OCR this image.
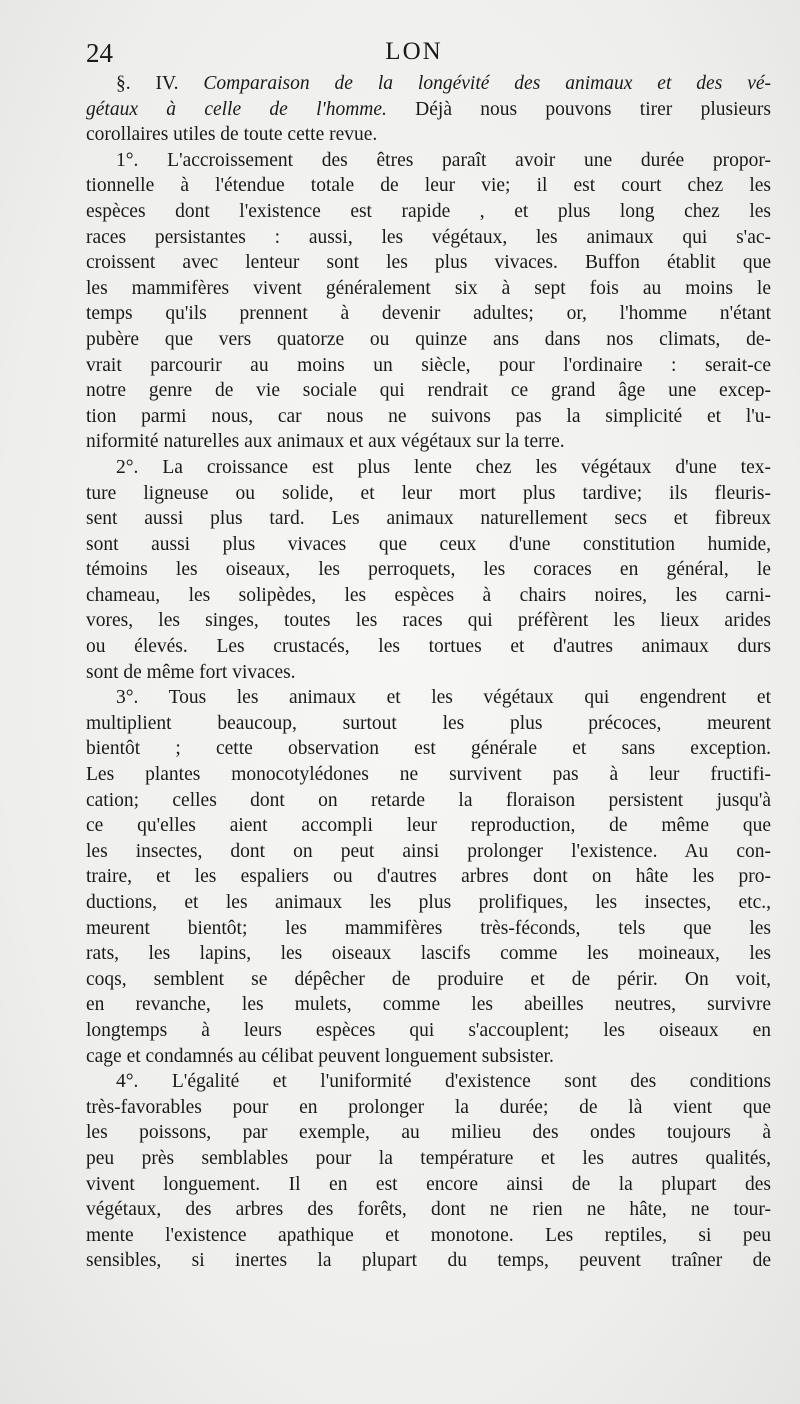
24	LON
§. IV. Comparaison de la longévité des animaux et des vé-
gétaux à celle de l'homme. Déjà nous pouvons tirer plusieurs
corollaires utiles de toute cette revue.
1°. L'accroissement des êtres paraît avoir une durée propor-
tionnelle à l'étendue totale de leur vie; il est court chez les
espèces dont l'existence est rapide , et plus long chez les
races persistantes : aussi, les végétaux, les animaux qui s'ac-
croissent avec lenteur sont les plus vivaces. Buffon établit que
les mammifères vivent généralement six à sept fois au moins le
temps qu'ils prennent à devenir adultes; or, l'homme n'étant
pubère que vers quatorze ou quinze ans dans nos climats, de-
vrait parcourir au moins un siècle, pour l'ordinaire : serait-ce
notre genre de vie sociale qui rendrait ce grand âge une excep-
tion parmi nous, car nous ne suivons pas la simplicité et l'u-
niformité naturelles aux animaux et aux végétaux sur la terre.
2°. La croissance est plus lente chez les végétaux d'une tex-
ture ligneuse ou solide, et leur mort plus tardive; ils fleuris-
sent aussi plus tard. Les animaux naturellement secs et fibreux
sont aussi plus vivaces que ceux d'une constitution humide,
témoins les oiseaux, les perroquets, les coraces en général, le
chameau, les solipèdes, les espèces à chairs noires, les carni-
vores, les singes, toutes les races qui préfèrent les lieux arides
ou élevés. Les crustacés, les tortues et d'autres animaux durs
sont de même fort vivaces.
3°. Tous les animaux et les végétaux qui engendrent et
multiplient beaucoup, surtout les plus précoces, meurent
bientôt ; cette observation est générale et sans exception.
Les plantes monocotylédones ne survivent pas à leur fructifi-
cation; celles dont on retarde la floraison persistent jusqu'à
ce qu'elles aient accompli leur reproduction, de même que
les insectes, dont on peut ainsi prolonger l'existence. Au con-
traire, et les espaliers ou d'autres arbres dont on hâte les pro-
ductions, et les animaux les plus prolifiques, les insectes, etc.,
meurent bientôt; les mammifères très-féconds, tels que les
rats, les lapins, les oiseaux lascifs comme les moineaux, les
coqs, semblent se dépêcher de produire et de périr. On voit,
en revanche, les mulets, comme les abeilles neutres, survivre
longtemps à leurs espèces qui s'accouplent; les oiseaux en
cage et condamnés au célibat peuvent longuement subsister.
4°. L'égalité et l'uniformité d'existence sont des conditions
très-favorables pour en prolonger la durée; de là vient que
les poissons, par exemple, au milieu des ondes toujours à
peu près semblables pour la température et les autres qualités,
vivent longuement. Il en est encore ainsi de la plupart des
végétaux, des arbres des forêts, dont ne rien ne hâte, ne tour-
mente l'existence apathique et monotone. Les reptiles, si peu
sensibles, si inertes la plupart du temps, peuvent traîner de
